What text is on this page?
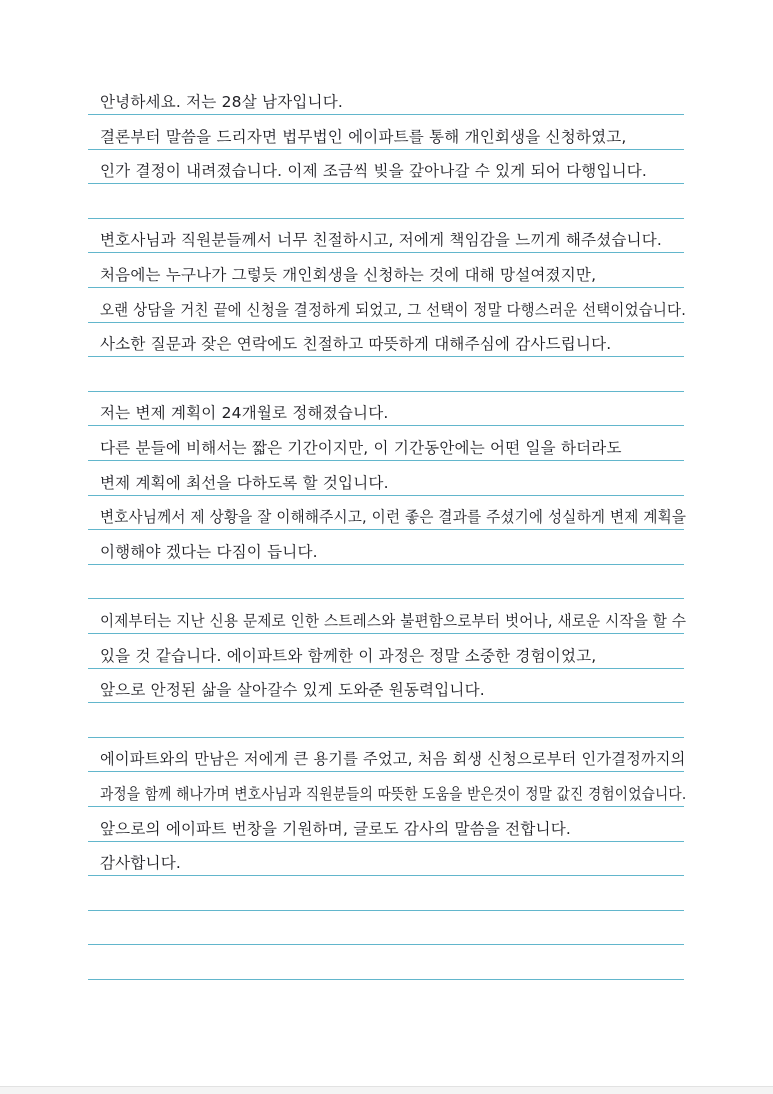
안녕하세요. 저는 28살 남자입니다.
결론부터 말씀을 드리자면 법무법인 에이파트를 통해 개인회생을 신청하였고,
인가 결정이 내려졌습니다. 이제 조금씩 빚을 갚아나갈 수 있게 되어 다행입니다.
변호사님과 직원분들께서 너무 친절하시고, 저에게 책임감을 느끼게 해주셨습니다.
처음에는 누구나가 그렇듯 개인회생을 신청하는 것에 대해 망설여졌지만,
오랜 상담을 거친 끝에 신청을 결정하게 되었고, 그 선택이 정말 다행스러운 선택이었습니다.
사소한 질문과 잦은 연락에도 친절하고 따뜻하게 대해주심에 감사드립니다.
저는 변제 계획이 24개월로 정해졌습니다.
다른 분들에 비해서는 짧은 기간이지만, 이 기간동안에는 어떤 일을 하더라도
변제 계획에 최선을 다하도록 할 것입니다.
변호사님께서 제 상황을 잘 이해해주시고, 이런 좋은 결과를 주셨기에 성실하게 변제 계획을
이행해야 겠다는 다짐이 듭니다.
이제부터는 지난 신용 문제로 인한 스트레스와 불편함으로부터 벗어나, 새로운 시작을 할 수
있을 것 같습니다. 에이파트와 함께한 이 과정은 정말 소중한 경험이었고,
앞으로 안정된 삶을 살아갈수 있게 도와준 원동력입니다.
에이파트와의 만남은 저에게 큰 용기를 주었고, 처음 회생 신청으로부터 인가결정까지의
과정을 함께 해나가며 변호사님과 직원분들의 따뜻한 도움을 받은것이 정말 값진 경험이었습니다.
앞으로의 에이파트 번창을 기원하며, 글로도 감사의 말씀을 전합니다.
감사합니다.
